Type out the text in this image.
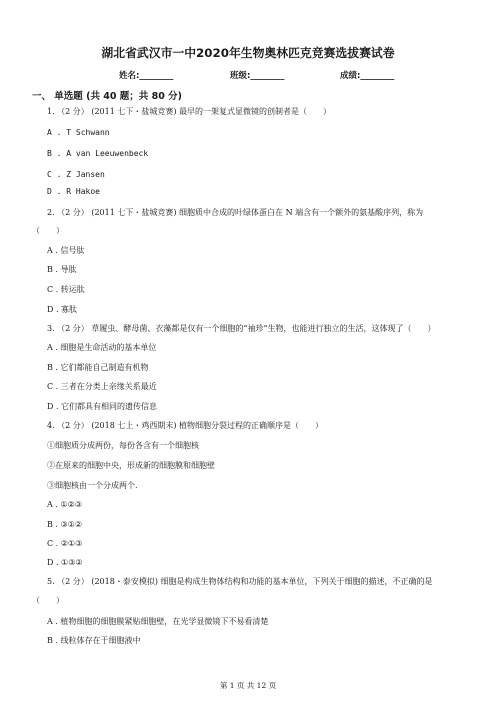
湖北省武汉市一中2020年生物奥林匹克竞赛选拔赛试卷
姓名:________	班级:________	成绩:________
一、 单选题 (共 40 题；共 80 分)
1. （2 分） (2011 七下・盐城竞赛) 最早的一架复式显微镜的创制者是（　　）
A . T Schwann
B . A van Leeuwenbeck
C . Z Jansen
D . R Hakoe
2. （2 分） (2011 七下・盐城竞赛) 细胞质中合成的叶绿体蛋白在 N 端含有一个额外的氨基酸序列，称为
（　　）
A . 信号肽
B . 导肽
C . 转运肽
D . 寡肽
3. （2 分） 草履虫、酵母菌、衣藻都是仅有一个细胞的“袖珍”生物，也能进行独立的生活，这体现了（　　）
A . 细胞是生命活动的基本单位
B . 它们都能自己制造有机物
C . 三者在分类上亲缘关系最近
D . 它们都具有相同的遗传信息
4. （2 分） (2018 七上・鸡西期末) 植物细胞分裂过程的正确顺序是（　　）
①细胞质分成两份，每份各含有一个细胞核
②在原来的细胞中央，形成新的细胞膜和细胞壁
③细胞核由一个分成两个.
A . ①②③
B . ③①②
C . ②①③
D . ①③②
5. （2 分） (2018・泰安模拟) 细胞是构成生物体结构和功能的基本单位，下列关于细胞的描述，不正确的是
（　　）
A . 植物细胞的细胞膜紧贴细胞壁，在光学显微镜下不易看清楚
B . 线粒体存在于细胞液中
第 1 页 共 12 页
